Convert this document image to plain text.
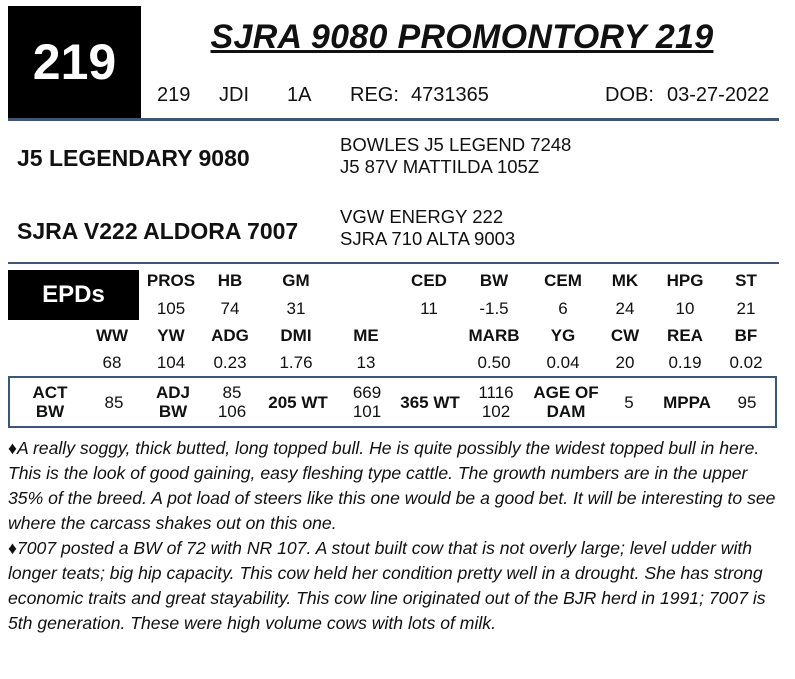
219	SJRA 9080 PROMONTORY 219
219 JDI 1A REG: 4731365	DOB: 03-27-2022
J5 LEGENDARY 9080
BOWLES J5 LEGEND 7248
J5 87V MATTILDA 105Z
SJRA V222 ALDORA 7007
VGW ENERGY 222
SJRA 710 ALTA 9003
EPDs
PROS
105
HB
74
GM
31
CED
11
BW
-1.5
CEM
6
MK
24
HPG
10
ST
21
WW
68
YW
104
ADG
0.23
DMI
1.76
ME
13
MARB
0.50
YG
0.04
CW
20
REA
0.19
BF
0.02
ACT
BW 85 ADJ
BW
85
106 205 WT 669
101 365 WT 1116
102
AGE OF
DAM 5 MPPA 95

♦A really soggy, thick butted, long topped bull. He is quite possibly the widest topped bull in here. This is the look of good gaining, easy fleshing type cattle. The growth numbers are in the upper 35% of the breed. A pot load of steers like this one would be a good bet. It will be interesting to see where the carcass shakes out on this one.

♦7007 posted a BW of 72 with NR 107. A stout built cow that is not overly large; level udder with longer teats; big hip capacity. This cow held her condition pretty well in a drought. She has strong economic traits and great stayability. This cow line originated out of the BJR herd in 1991; 7007 is 5th generation. These were high volume cows with lots of milk.
